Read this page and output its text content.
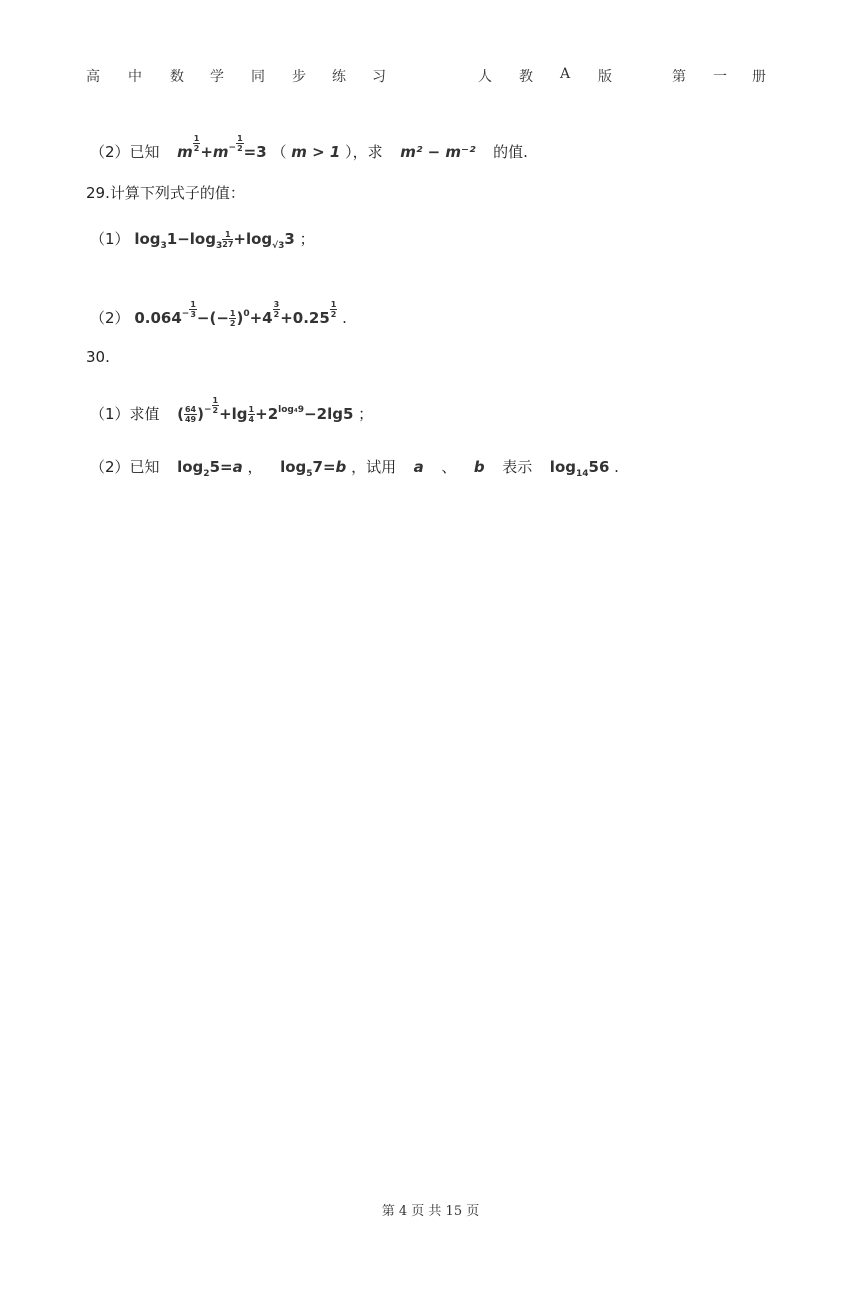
高 中 数 学 同 步 练 习	人 教 A 版	第 一 册
（2）已知 m $\frac{1}{2} +m^- \frac{1}{2} =3$ （ m > 1 ），求 m² − m⁻² 的值.
29.计算下列式子的值：
（1） $\log_31-\log_3 \frac{1}{27} +\log_{√3}3$ ；
（2） $0.064^- \frac{1}{3}$ −(− $\frac{1}{2} )^0+4 \frac{3}{2} +0.25 \frac{1}{2}$ .
30.
（1）求值 ( $\frac{64}{49} )^- \frac{1}{2} +\lg \frac{1}{4} +2^{log_49}-2\lg 5$ ；
（2）已知 $\log_25=a$ ， $\log_57=b$ ，试用 a 、 b 表示 $\log_{14}56$ .
第 4 页 共 15 页
